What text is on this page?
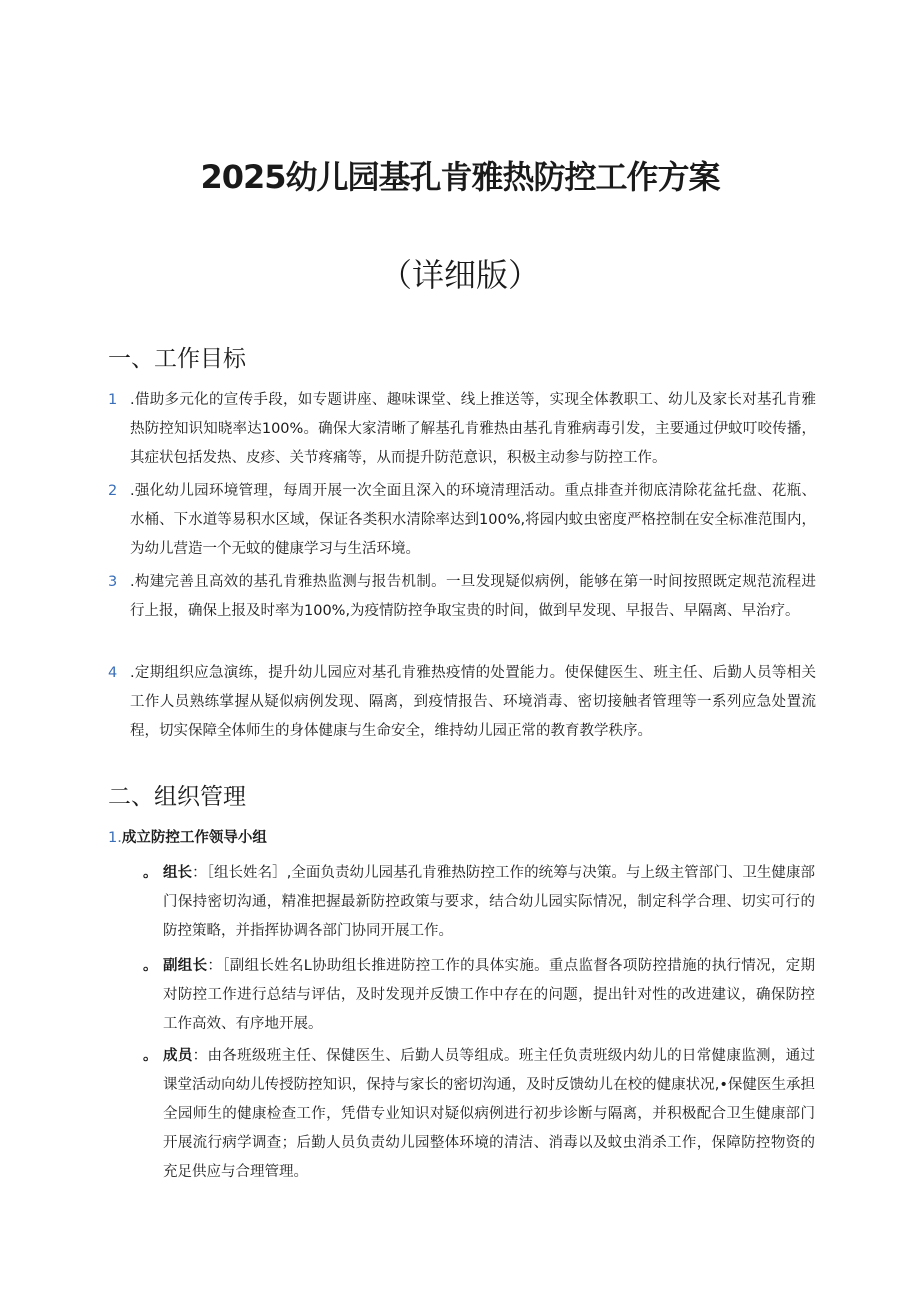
2025幼儿园基孔肯雅热防控工作方案
（详细版）
一、工作目标
1 .借助多元化的宣传手段，如专题讲座、趣味课堂、线上推送等，实现全体教职工、幼儿及家长对基孔肯雅热防控知识知晓率达100%。确保大家清晰了解基孔肯雅热由基孔肯雅病毒引发，主要通过伊蚊叮咬传播，其症状包括发热、皮疹、关节疼痛等，从而提升防范意识，积极主动参与防控工作。
2 .强化幼儿园环境管理，每周开展一次全面且深入的环境清理活动。重点排查并彻底清除花盆托盘、花瓶、水桶、下水道等易积水区域，保证各类积水清除率达到100%,将园内蚊虫密度严格控制在安全标准范围内，为幼儿营造一个无蚊的健康学习与生活环境。
3 .构建完善且高效的基孔肯雅热监测与报告机制。一旦发现疑似病例，能够在第一时间按照既定规范流程进行上报，确保上报及时率为100%,为疫情防控争取宝贵的时间，做到早发现、早报告、早隔离、早治疗。
4 .定期组织应急演练，提升幼儿园应对基孔肯雅热疫情的处置能力。使保健医生、班主任、后勤人员等相关工作人员熟练掌握从疑似病例发现、隔离，到疫情报告、环境消毒、密切接触者管理等一系列应急处置流程，切实保障全体师生的身体健康与生命安全，维持幼儿园正常的教育教学秩序。
二、组织管理
1.成立防控工作领导小组
。 组长：［组长姓名］,全面负责幼儿园基孔肯雅热防控工作的统筹与决策。与上级主管部门、卫生健康部门保持密切沟通，精准把握最新防控政策与要求，结合幼儿园实际情况，制定科学合理、切实可行的防控策略，并指挥协调各部门协同开展工作。
。 副组长：［副组长姓名L协助组长推进防控工作的具体实施。重点监督各项防控措施的执行情况，定期对防控工作进行总结与评估，及时发现并反馈工作中存在的问题，提出针对性的改进建议，确保防控工作高效、有序地开展。
。 成员：由各班级班主任、保健医生、后勤人员等组成。班主任负责班级内幼儿的日常健康监测，通过课堂活动向幼儿传授防控知识，保持与家长的密切沟通，及时反馈幼儿在校的健康状况,•保健医生承担全园师生的健康检查工作，凭借专业知识对疑似病例进行初步诊断与隔离，并积极配合卫生健康部门开展流行病学调查；后勤人员负责幼儿园整体环境的清洁、消毒以及蚊虫消杀工作，保障防控物资的充足供应与合理管理。
